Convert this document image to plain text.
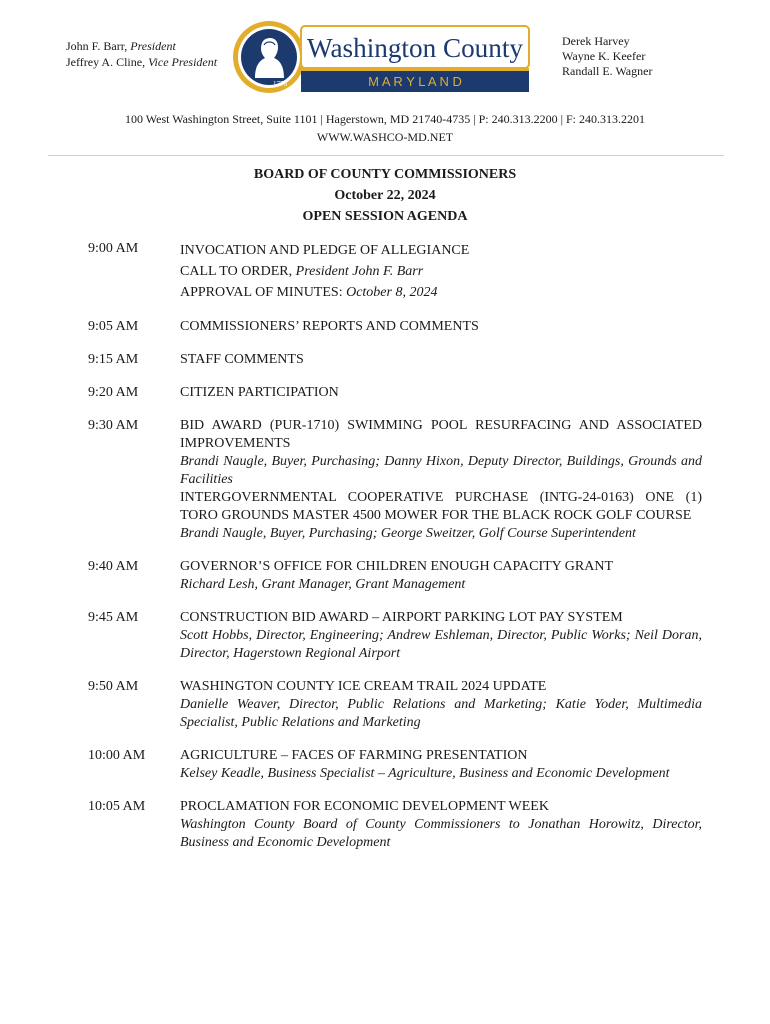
John F. Barr, President
Jeffrey A. Cline, Vice President
1776
Washington County
M A R Y L A N D
Derek Harvey
Wayne K. Keefer
Randall E. Wagner
100 West Washington Street, Suite 1101 | Hagerstown, MD 21740-4735 | P: 240.313.2200 | F: 240.313.2201
WWW.WASHCO-MD.NET
BOARD OF COUNTY COMMISSIONERS
October 22, 2024
OPEN SESSION AGENDA
9:00 AM	INVOCATION AND PLEDGE OF ALLEGIANCE
CALL TO ORDER, President John F. Barr
APPROVAL OF MINUTES: October 8, 2024
9:05 AM	COMMISSIONERS’ REPORTS AND COMMENTS
9:15 AM	STAFF COMMENTS
9:20 AM	CITIZEN PARTICIPATION
9:30 AM	BID AWARD (PUR-1710) SWIMMING POOL RESURFACING AND ASSOCIATED IMPROVEMENTS
Brandi Naugle, Buyer, Purchasing; Danny Hixon, Deputy Director, Buildings, Grounds and Facilities
INTERGOVERNMENTAL COOPERATIVE PURCHASE (INTG-24-0163) ONE (1) TORO GROUNDS MASTER 4500 MOWER FOR THE BLACK ROCK GOLF COURSE
Brandi Naugle, Buyer, Purchasing; George Sweitzer, Golf Course Superintendent
9:40 AM	GOVERNOR’S OFFICE FOR CHILDREN ENOUGH CAPACITY GRANT
Richard Lesh, Grant Manager, Grant Management
9:45 AM	CONSTRUCTION BID AWARD – AIRPORT PARKING LOT PAY SYSTEM
Scott Hobbs, Director, Engineering; Andrew Eshleman, Director, Public Works; Neil Doran, Director, Hagerstown Regional Airport
9:50 AM	WASHINGTON COUNTY ICE CREAM TRAIL 2024 UPDATE
Danielle Weaver, Director, Public Relations and Marketing; Katie Yoder, Multimedia Specialist, Public Relations and Marketing
10:00 AM	AGRICULTURE – FACES OF FARMING PRESENTATION
Kelsey Keadle, Business Specialist – Agriculture, Business and Economic Development
10:05 AM	PROCLAMATION FOR ECONOMIC DEVELOPMENT WEEK
Washington County Board of County Commissioners to Jonathan Horowitz, Director, Business and Economic Development
